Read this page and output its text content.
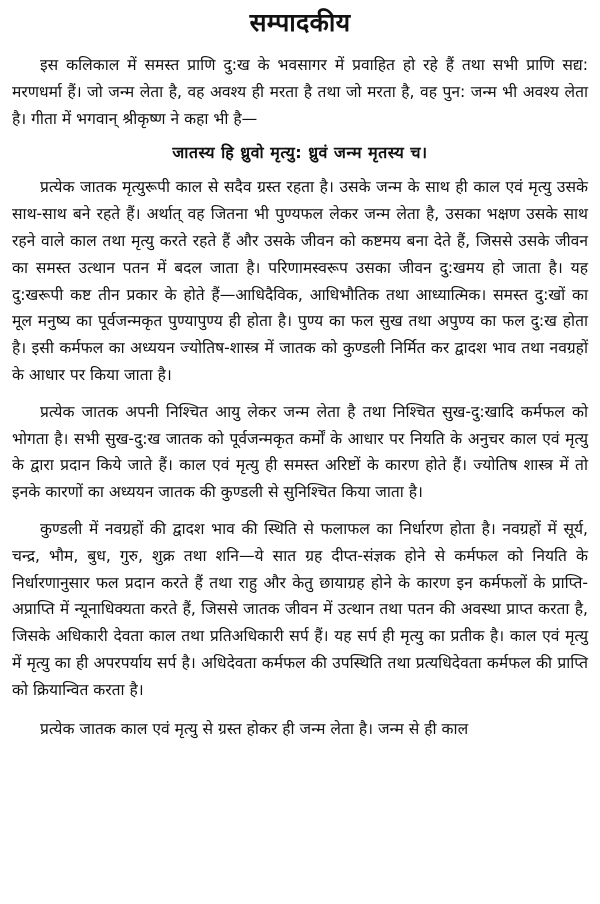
सम्पादकीय

इस कलिकाल में समस्त प्राणि दु:ख के भवसागर में प्रवाहित हो रहे हैं तथा सभी प्राणि सद्य: मरणधर्मा हैं। जो जन्म लेता है, वह अवश्य ही मरता है तथा जो मरता है, वह पुन: जन्म भी अवश्य लेता है। गीता में भगवान् श्रीकृष्ण ने कहा भी है—

जातस्य हि ध्रुवो मृत्यु: ध्रुवं जन्म मृतस्य च।

प्रत्येक जातक मृत्युरूपी काल से सदैव ग्रस्त रहता है। उसके जन्म के साथ ही काल एवं मृत्यु उसके साथ-साथ बने रहते हैं। अर्थात् वह जितना भी पुण्यफल लेकर जन्म लेता है, उसका भक्षण उसके साथ रहने वाले काल तथा मृत्यु करते रहते हैं और उसके जीवन को कष्टमय बना देते हैं, जिससे उसके जीवन का समस्त उत्थान पतन में बदल जाता है। परिणामस्वरूप उसका जीवन दु:खमय हो जाता है। यह दु:खरूपी कष्ट तीन प्रकार के होते हैं—आधिदैविक, आधिभौतिक तथा आध्यात्मिक। समस्त दु:खों का मूल मनुष्य का पूर्वजन्मकृत पुण्यापुण्य ही होता है। पुण्य का फल सुख तथा अपुण्य का फल दु:ख होता है। इसी कर्मफल का अध्ययन ज्योतिष-शास्त्र में जातक को कुण्डली निर्मित कर द्वादश भाव तथा नवग्रहों के आधार पर किया जाता है।

प्रत्येक जातक अपनी निश्चित आयु लेकर जन्म लेता है तथा निश्चित सुख-दु:खादि कर्मफल को भोगता है। सभी सुख-दु:ख जातक को पूर्वजन्मकृत कर्मों के आधार पर नियति के अनुचर काल एवं मृत्यु के द्वारा प्रदान किये जाते हैं। काल एवं मृत्यु ही समस्त अरिष्टों के कारण होते हैं। ज्योतिष शास्त्र में तो इनके कारणों का अध्ययन जातक की कुण्डली से सुनिश्चित किया जाता है।

कुण्डली में नवग्रहों की द्वादश भाव की स्थिति से फलाफल का निर्धारण होता है। नवग्रहों में सूर्य, चन्द्र, भौम, बुध, गुरु, शुक्र तथा शनि—ये सात ग्रह दीप्त-संज्ञक होने से कर्मफल को नियति के निर्धारणानुसार फल प्रदान करते हैं तथा राहु और केतु छायाग्रह होने के कारण इन कर्मफलों के प्राप्ति-अप्राप्ति में न्यूनाधिक्यता करते हैं, जिससे जातक जीवन में उत्थान तथा पतन की अवस्था प्राप्त करता है, जिसके अधिकारी देवता काल तथा प्रतिअधिकारी सर्प हैं। यह सर्प ही मृत्यु का प्रतीक है। काल एवं मृत्यु में मृत्यु का ही अपरपर्याय सर्प है। अधिदेवता कर्मफल की उपस्थिति तथा प्रत्यधिदेवता कर्मफल की प्राप्ति को क्रियान्वित करता है।

प्रत्येक जातक काल एवं मृत्यु से ग्रस्त होकर ही जन्म लेता है। जन्म से ही काल
